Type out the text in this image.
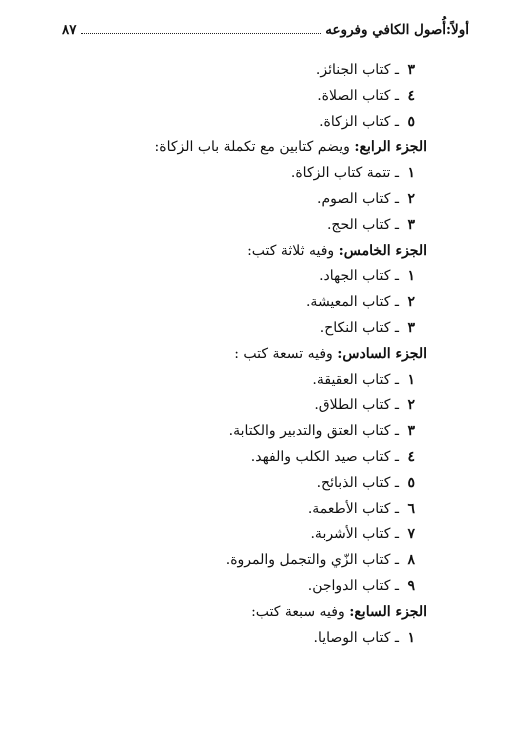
أولاً:أُصول الكافي وفروعه
٨٧
٣ ـ كتاب الجنائز.
٤ ـ كتاب الصلاة.
٥ ـ كتاب الزكاة.
الجزء الرابع: ويضم كتابين مع تكملة باب الزكاة:
١ ـ تتمة كتاب الزكاة.
٢ ـ كتاب الصوم.
٣ ـ كتاب الحج.
الجزء الخامس: وفيه ثلاثة كتب:
١ ـ كتاب الجهاد.
٢ ـ كتاب المعيشة.
٣ ـ كتاب النكاح.
الجزء السادس: وفيه تسعة كتب :
١ ـ كتاب العقيقة.
٢ ـ كتاب الطلاق.
٣ ـ كتاب العتق والتدبير والكتابة.
٤ ـ كتاب صيد الكلب والفهد.
٥ ـ كتاب الذبائح.
٦ ـ كتاب الأطعمة.
٧ ـ كتاب الأشربة.
٨ ـ كتاب الزّي والتجمل والمروة.
٩ ـ كتاب الدواجن.
الجزء السابع: وفيه سبعة كتب:
١ ـ كتاب الوصايا.
